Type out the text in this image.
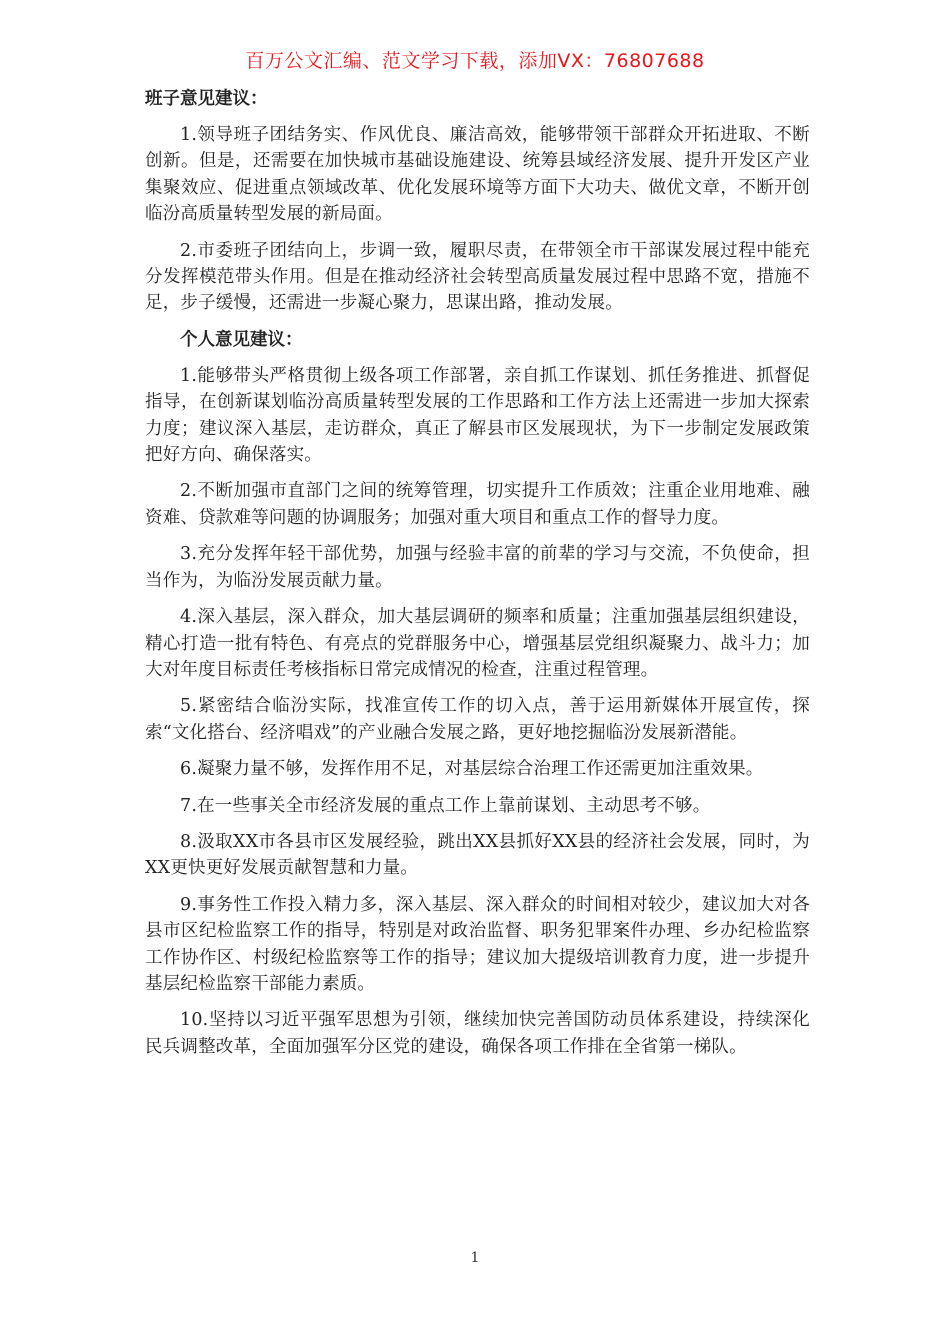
百万公文汇编、范文学习下载，添加VX：76807688

班子意见建议：

1.领导班子团结务实、作风优良、廉洁高效，能够带领干部群众开拓进取、不断创新。但是，还需要在加快城市基础设施建设、统筹县域经济发展、提升开发区产业集聚效应、促进重点领域改革、优化发展环境等方面下大功夫、做优文章，不断开创临汾高质量转型发展的新局面。

2.市委班子团结向上，步调一致，履职尽责，在带领全市干部谋发展过程中能充分发挥模范带头作用。但是在推动经济社会转型高质量发展过程中思路不宽，措施不足，步子缓慢，还需进一步凝心聚力，思谋出路，推动发展。

个人意见建议：

1.能够带头严格贯彻上级各项工作部署，亲自抓工作谋划、抓任务推进、抓督促指导，在创新谋划临汾高质量转型发展的工作思路和工作方法上还需进一步加大探索力度；建议深入基层，走访群众，真正了解县市区发展现状，为下一步制定发展政策把好方向、确保落实。

2.不断加强市直部门之间的统筹管理，切实提升工作质效；注重企业用地难、融资难、贷款难等问题的协调服务；加强对重大项目和重点工作的督导力度。

3.充分发挥年轻干部优势，加强与经验丰富的前辈的学习与交流，不负使命，担当作为，为临汾发展贡献力量。

4.深入基层，深入群众，加大基层调研的频率和质量；注重加强基层组织建设，精心打造一批有特色、有亮点的党群服务中心，增强基层党组织凝聚力、战斗力；加大对年度目标责任考核指标日常完成情况的检查，注重过程管理。

5.紧密结合临汾实际，找准宣传工作的切入点，善于运用新媒体开展宣传，探索“文化搭台、经济唱戏”的产业融合发展之路，更好地挖掘临汾发展新潜能。

6.凝聚力量不够，发挥作用不足，对基层综合治理工作还需更加注重效果。

7.在一些事关全市经济发展的重点工作上靠前谋划、主动思考不够。

8.汲取XX市各县市区发展经验，跳出XX县抓好XX县的经济社会发展，同时，为XX更快更好发展贡献智慧和力量。

9.事务性工作投入精力多，深入基层、深入群众的时间相对较少，建议加大对各县市区纪检监察工作的指导，特别是对政治监督、职务犯罪案件办理、乡办纪检监察工作协作区、村级纪检监察等工作的指导；建议加大提级培训教育力度，进一步提升基层纪检监察干部能力素质。

10.坚持以习近平强军思想为引领，继续加快完善国防动员体系建设，持续深化民兵调整改革，全面加强军分区党的建设，确保各项工作排在全省第一梯队。

1
